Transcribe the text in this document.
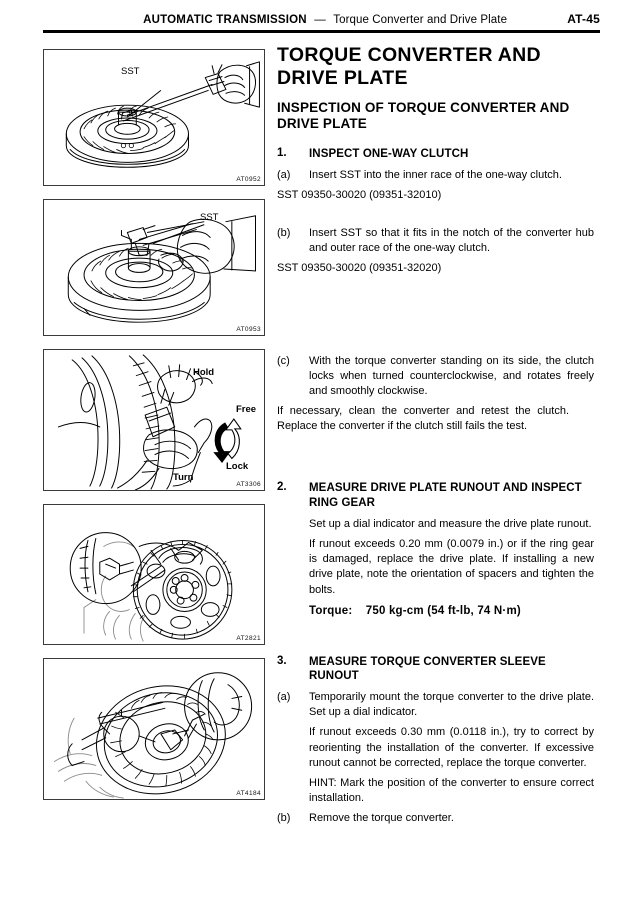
AUTOMATIC TRANSMISSION — Torque Converter and Drive Plate	AT-45
SST
AT0952
SST
AT0953
Hold
Free
Lock
Turn
AT3306
AT2821
AT4184
TORQUE CONVERTER AND DRIVE PLATE
INSPECTION OF TORQUE CONVERTER AND DRIVE PLATE
1.	INSPECT ONE-WAY CLUTCH
(a)	Insert SST into the inner race of the one-way clutch.
SST 09350-30020 (09351-32010)
(b)	Insert SST so that it fits in the notch of the converter hub and outer race of the one-way clutch.
SST 09350-30020 (09351-32020)
(c)	With the torque converter standing on its side, the clutch locks when turned counterclockwise, and rotates freely and smoothly clockwise.
If necessary, clean the converter and retest the clutch. Replace the converter if the clutch still fails the test.
2.	MEASURE DRIVE PLATE RUNOUT AND INSPECT RING GEAR
Set up a dial indicator and measure the drive plate runout.
If runout exceeds 0.20 mm (0.0079 in.) or if the ring gear is damaged, replace the drive plate. If installing a new drive plate, note the orientation of spacers and tighten the bolts.
Torque: 750 kg-cm (54 ft-lb, 74 N·m)
3.	MEASURE TORQUE CONVERTER SLEEVE RUNOUT
(a)	Temporarily mount the torque converter to the drive plate. Set up a dial indicator.
If runout exceeds 0.30 mm (0.0118 in.), try to correct by reorienting the installation of the converter. If excessive runout cannot be corrected, replace the torque converter.
HINT: Mark the position of the converter to ensure correct installation.
(b)	Remove the torque converter.
